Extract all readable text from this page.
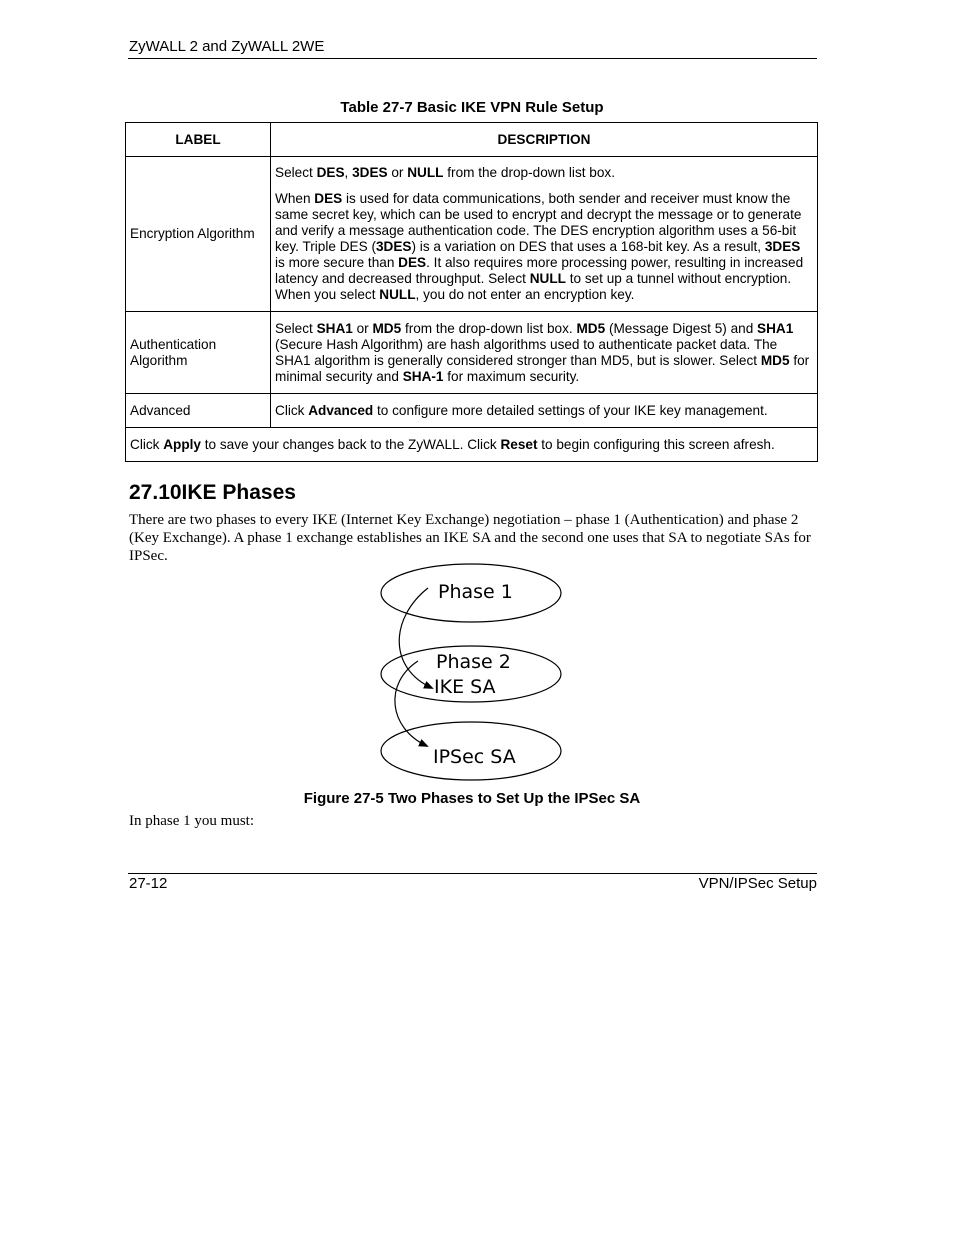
ZyWALL 2 and ZyWALL 2WE
Table 27-7 Basic IKE VPN Rule Setup
LABEL	DESCRIPTION
Encryption Algorithm	Select DES, 3DES or NULL from the drop-down list box.

When DES is used for data communications, both sender and receiver must know the same secret key, which can be used to encrypt and decrypt the message or to generate and verify a message authentication code. The DES encryption algorithm uses a 56-bit key. Triple DES (3DES) is a variation on DES that uses a 168-bit key. As a result, 3DES is more secure than DES. It also requires more processing power, resulting in increased latency and decreased throughput. Select NULL to set up a tunnel without encryption. When you select NULL, you do not enter an encryption key.

Authentication Algorithm	Select SHA1 or MD5 from the drop-down list box. MD5 (Message Digest 5) and SHA1 (Secure Hash Algorithm) are hash algorithms used to authenticate packet data. The SHA1 algorithm is generally considered stronger than MD5, but is slower. Select MD5 for minimal security and SHA-1 for maximum security.

Advanced	Click Advanced to configure more detailed settings of your IKE key management.

Click Apply to save your changes back to the ZyWALL. Click Reset to begin configuring this screen afresh.	

27.10IKE Phases

There are two phases to every IKE (Internet Key Exchange) negotiation – phase 1 (Authentication) and phase 2 (Key Exchange). A phase 1 exchange establishes an IKE SA and the second one uses that SA to negotiate SAs for IPSec.

Phase 1
Phase 2
IKE SA
IPSec SA
Figure 27-5 Two Phases to Set Up the IPSec SA
In phase 1 you must:
27-12	VPN/IPSec Setup
